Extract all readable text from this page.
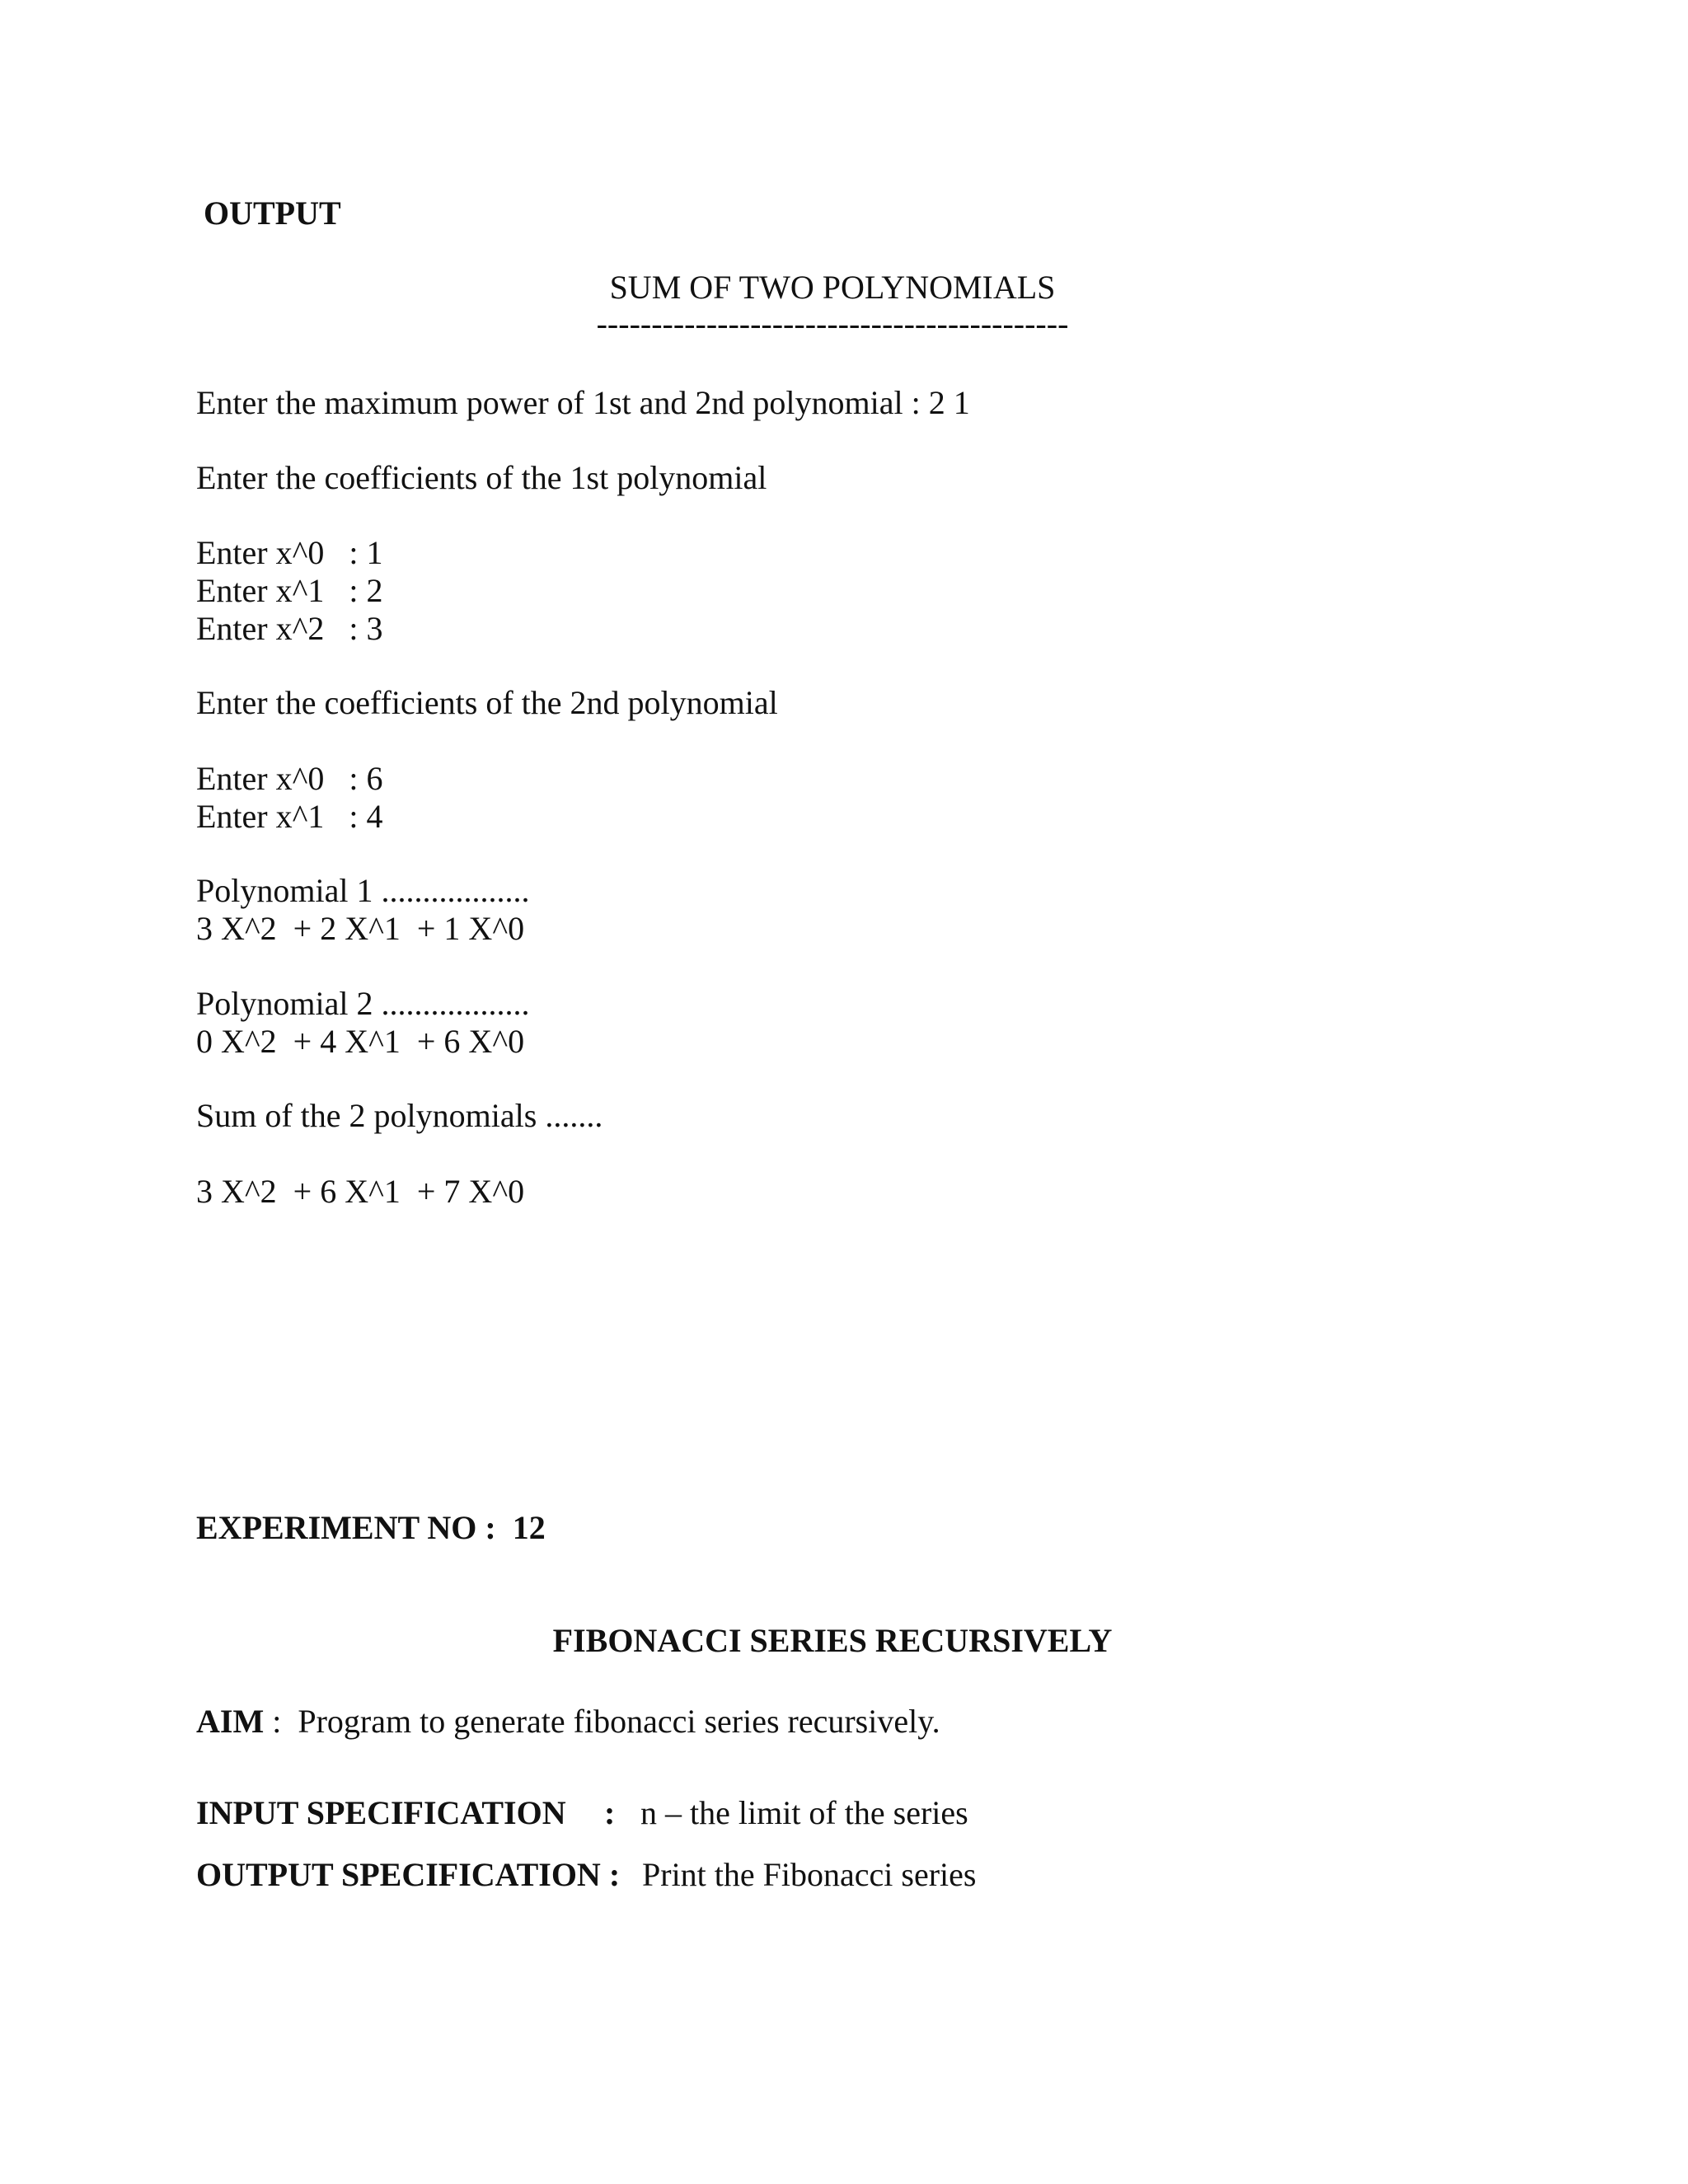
OUTPUT
SUM OF TWO POLYNOMIALS
-------------------------------------------
Enter the maximum power of 1st and 2nd polynomial : 2 1
Enter the coefficients of the 1st polynomial
Enter x^0   : 1
Enter x^1   : 2
Enter x^2   : 3
Enter the coefficients of the 2nd polynomial
Enter x^0   : 6
Enter x^1   : 4
Polynomial 1 ..................
3 X^2  + 2 X^1  + 1 X^0
Polynomial 2 ..................
0 X^2  + 4 X^1  + 6 X^0
Sum of the 2 polynomials .......
3 X^2  + 6 X^1  + 7 X^0
EXPERIMENT NO :  12
FIBONACCI SERIES RECURSIVELY
AIM :  Program to generate fibonacci series recursively.
INPUT SPECIFICATION : n – the limit of the series
OUTPUT SPECIFICATION : Print the Fibonacci series
